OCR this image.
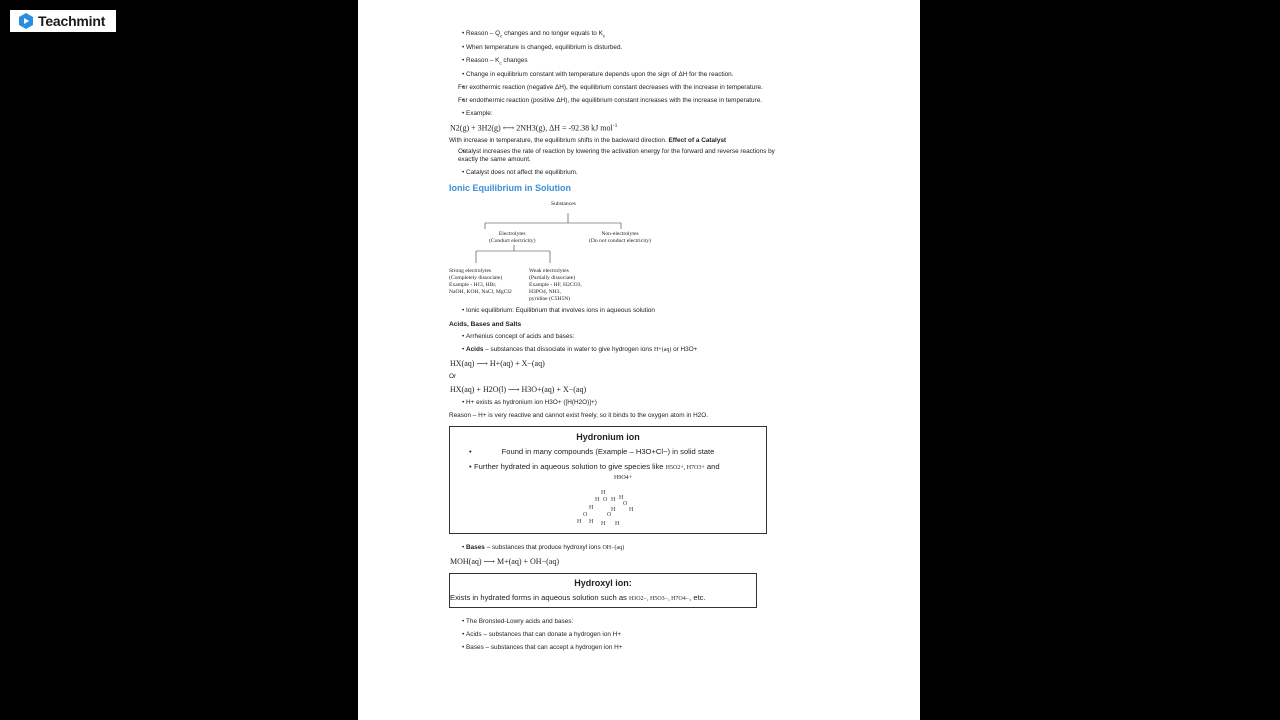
Teachmint
• Reason – $Q_c$ changes and no longer equals to $K_c$
• When temperature is changed, equilibrium is disturbed.
• Reason – $K_c$ changes
• Change in equilibrium constant with temperature depends upon the sign of ΔH for the reaction.
• For exothermic reaction (negative ΔH), the equilibrium constant decreases with the increase in temperature.
• For endothermic reaction (positive ΔH), the equilibrium constant increases with the increase in temperature.
• Example:
N2(g) + 3H2(g) ⟷ 2NH3(g), ΔH = -92.38 kJ mol$^{-1}$
With increase in temperature, the equilibrium shifts in the backward direction. Effect of a Catalyst
• Catalyst increases the rate of reaction by lowering the activation energy for the forward and reverse reactions by exactly the same amount.
• Catalyst does not affect the equilibrium.
Ionic Equilibrium in Solution
Substances
Electrolytes
(Conduct electricity)
Non-electrolytes
(Do not conduct electricity)
Strong electrolytes
(Completely dissociate)
Example - HCl, HBr,
NaOH, KOH, NaCl, MgCl2
Weak electrolytes
(Partially dissociate)
Example - HF, H2CO3,
H3PO4, NH3,
pyridine (C5H5N)
• Ionic equilibrium: Equilibrium that involves ions in aqueous solution
Acids, Bases and Salts
• Arrhenius concept of acids and bases:
• Acids – substances that dissociate in water to give hydrogen ions H+(aq) or H3O+
HX(aq) ⟶ H+(aq) + X−(aq)
Or
HX(aq) + H2O(l) ⟶ H3O+(aq) + X−(aq)
• H+ exists as hydronium ion H3O+ ([H(H2O)]+)
Reason – H+ is very reactive and cannot exist freely, so it binds to the oxygen atom in H2O.
Hydronium ion
• Found in many compounds (Example – H3O+Cl−) in solid state
• Further hydrated in aqueous solution to give species like H5O2+, H7O3+ and
H9O4+
H
H O H H
O
H
H
O
H H
O
H H
H
• Bases – substances that produce hydroxyl ions OH−(aq)
MOH(aq) ⟶ M+(aq) + OH−(aq)
Hydroxyl ion:
Exists in hydrated forms in aqueous solution such as H3O2−, H5O3−, H7O4−, etc.
• The Bronsted-Lowry acids and bases:
• Acids – substances that can donate a hydrogen ion H+
• Bases – substances that can accept a hydrogen ion H+
